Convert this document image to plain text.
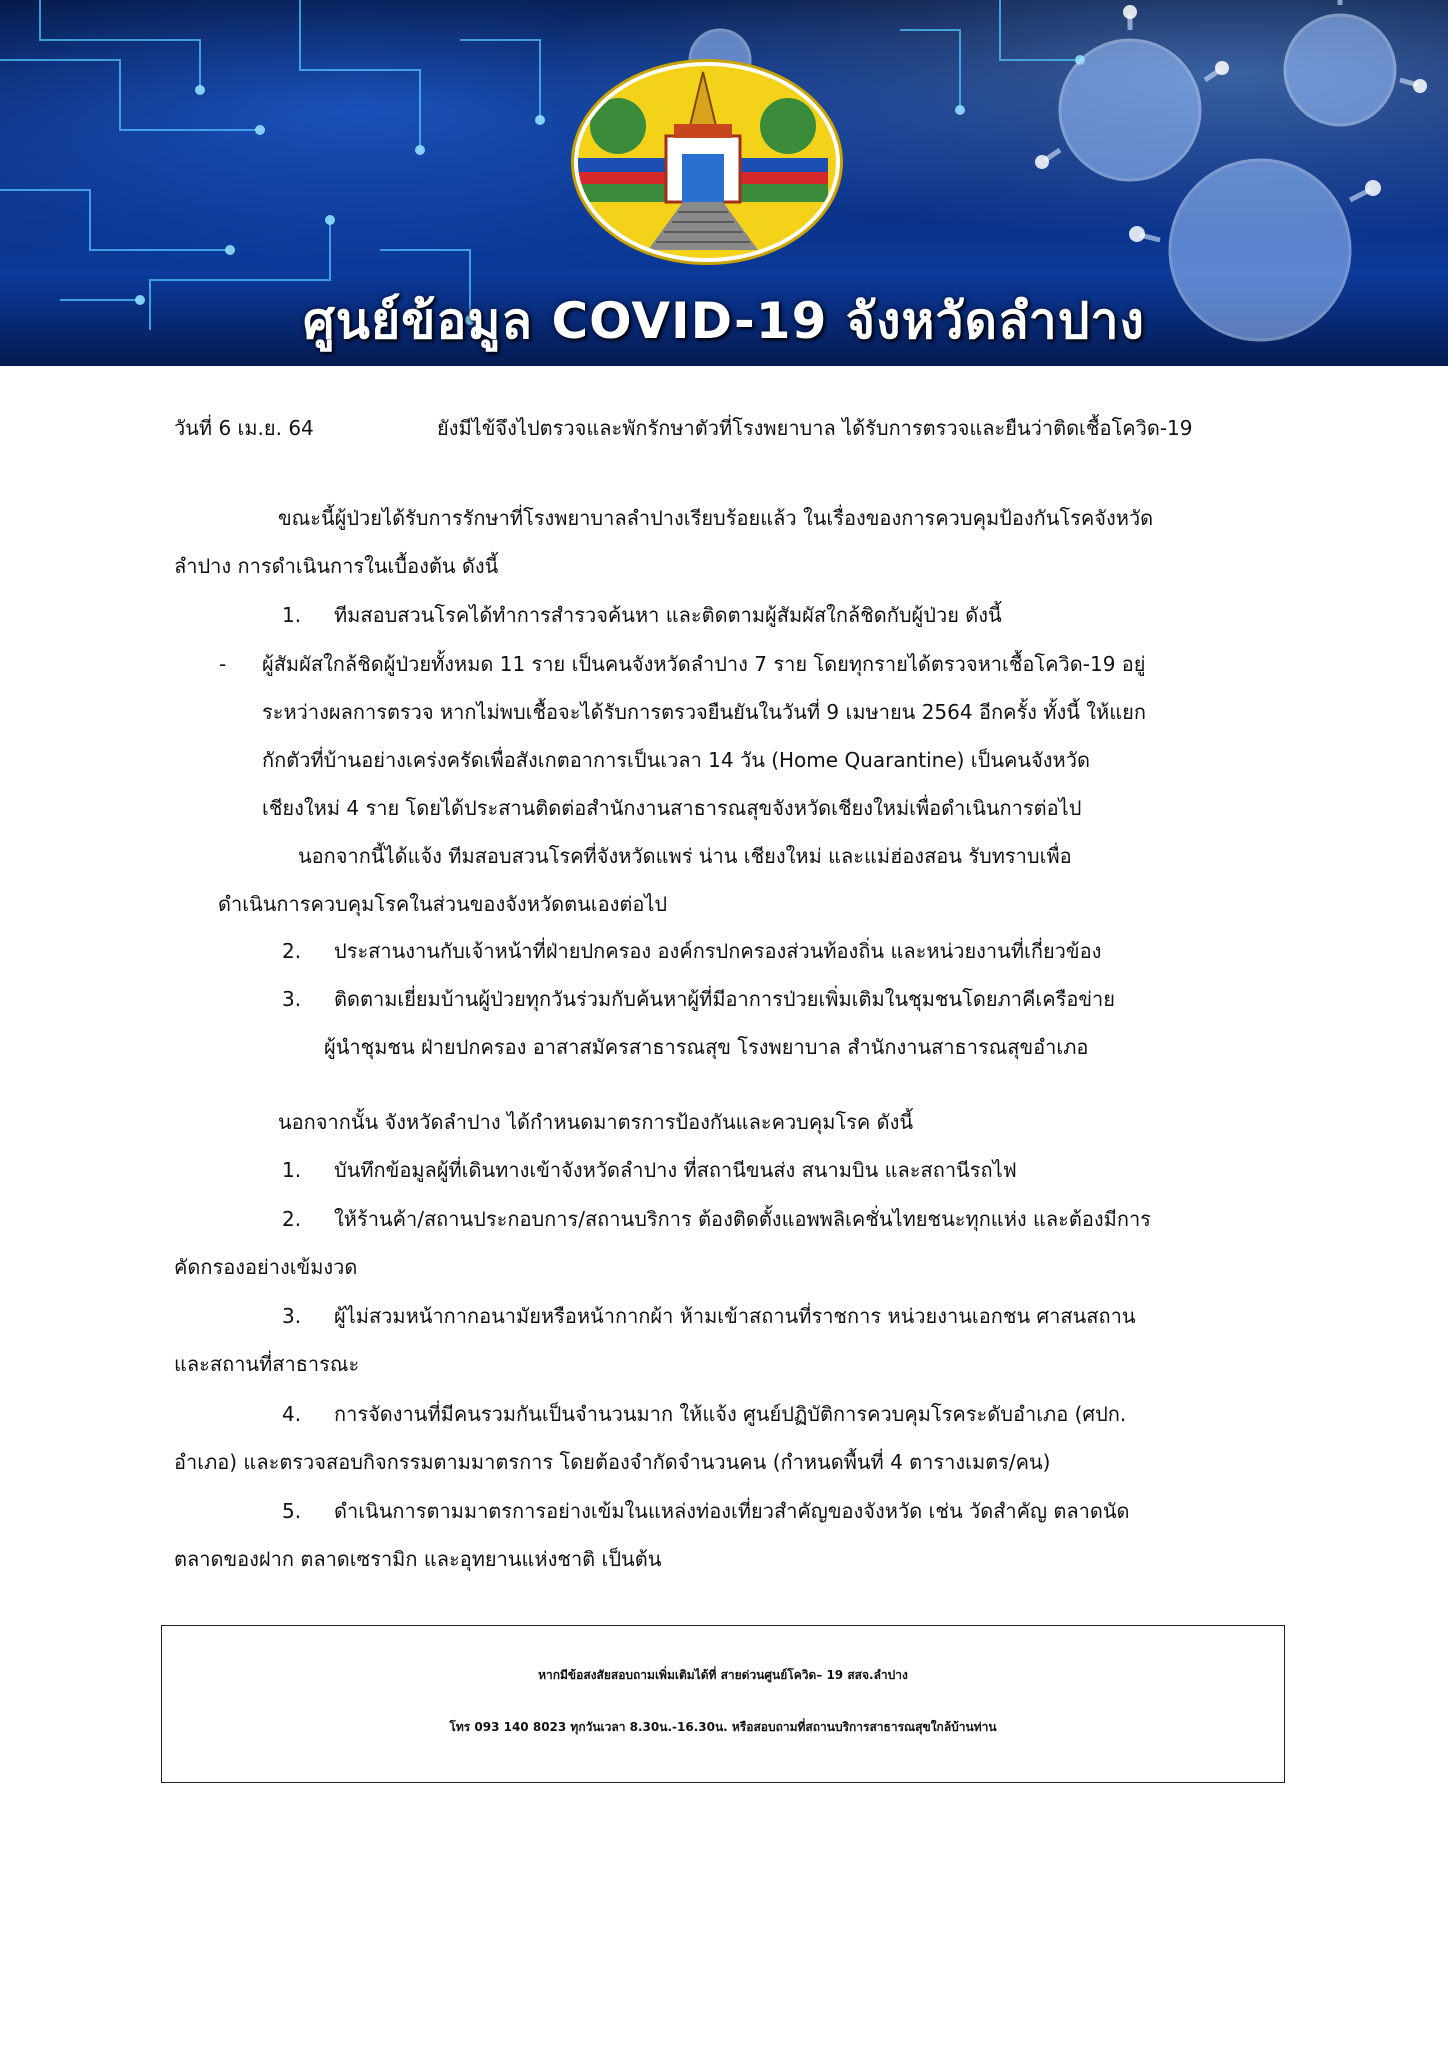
ศูนย์ข้อมูล COVID-19 จังหวัดลำปาง
วันที่ 6 เม.ย. 64	ยังมีไข้จึงไปตรวจและพักรักษาตัวที่โรงพยาบาล ได้รับการตรวจและยืนว่าติดเชื้อโควิด-19
ขณะนี้ผู้ป่วยได้รับการรักษาที่โรงพยาบาลลำปางเรียบร้อยแล้ว ในเรื่องของการควบคุมป้องกันโรคจังหวัด
ลำปาง การดำเนินการในเบื้องต้น ดังนี้
1. ทีมสอบสวนโรคได้ทำการสำรวจค้นหา และติดตามผู้สัมผัสใกล้ชิดกับผู้ป่วย ดังนี้
- ผู้สัมผัสใกล้ชิดผู้ป่วยทั้งหมด 11 ราย เป็นคนจังหวัดลำปาง 7 ราย โดยทุกรายได้ตรวจหาเชื้อโควิด-19 อยู่
ระหว่างผลการตรวจ หากไม่พบเชื้อจะได้รับการตรวจยืนยันในวันที่ 9 เมษายน 2564 อีกครั้ง ทั้งนี้ ให้แยก
กักตัวที่บ้านอย่างเคร่งครัดเพื่อสังเกตอาการเป็นเวลา 14 วัน (Home Quarantine) เป็นคนจังหวัด
เชียงใหม่ 4 ราย โดยได้ประสานติดต่อสำนักงานสาธารณสุขจังหวัดเชียงใหม่เพื่อดำเนินการต่อไป
นอกจากนี้ได้แจ้ง ทีมสอบสวนโรคที่จังหวัดแพร่ น่าน เชียงใหม่ และแม่ฮ่องสอน รับทราบเพื่อ
ดำเนินการควบคุมโรคในส่วนของจังหวัดตนเองต่อไป
2. ประสานงานกับเจ้าหน้าที่ฝ่ายปกครอง องค์กรปกครองส่วนท้องถิ่น และหน่วยงานที่เกี่ยวข้อง
3. ติดตามเยี่ยมบ้านผู้ป่วยทุกวันร่วมกับค้นหาผู้ที่มีอาการป่วยเพิ่มเติมในชุมชนโดยภาคีเครือข่าย
ผู้นำชุมชน ฝ่ายปกครอง อาสาสมัครสาธารณสุข โรงพยาบาล สำนักงานสาธารณสุขอำเภอ
นอกจากนั้น จังหวัดลำปาง ได้กำหนดมาตรการป้องกันและควบคุมโรค ดังนี้
1. บันทึกข้อมูลผู้ที่เดินทางเข้าจังหวัดลำปาง ที่สถานีขนส่ง สนามบิน และสถานีรถไฟ
2. ให้ร้านค้า/สถานประกอบการ/สถานบริการ ต้องติดตั้งแอพพลิเคชั่นไทยชนะทุกแห่ง และต้องมีการ
คัดกรองอย่างเข้มงวด
3. ผู้ไม่สวมหน้ากากอนามัยหรือหน้ากากผ้า ห้ามเข้าสถานที่ราชการ หน่วยงานเอกชน ศาสนสถาน
และสถานที่สาธารณะ
4. การจัดงานที่มีคนรวมกันเป็นจำนวนมาก ให้แจ้ง ศูนย์ปฏิบัติการควบคุมโรคระดับอำเภอ (ศปก.
อำเภอ) และตรวจสอบกิจกรรมตามมาตรการ โดยต้องจำกัดจำนวนคน (กำหนดพื้นที่ 4 ตารางเมตร/คน)
5. ดำเนินการตามมาตรการอย่างเข้มในแหล่งท่องเที่ยวสำคัญของจังหวัด เช่น วัดสำคัญ ตลาดนัด
ตลาดของฝาก ตลาดเซรามิก และอุทยานแห่งชาติ เป็นต้น
หากมีข้อสงสัยสอบถามเพิ่มเติมได้ที่ สายด่วนศูนย์โควิด– 19 สสจ.ลำปาง
โทร 093 140 8023 ทุกวันเวลา 8.30น.-16.30น. หรือสอบถามที่สถานบริการสาธารณสุขใกล้บ้านท่าน
